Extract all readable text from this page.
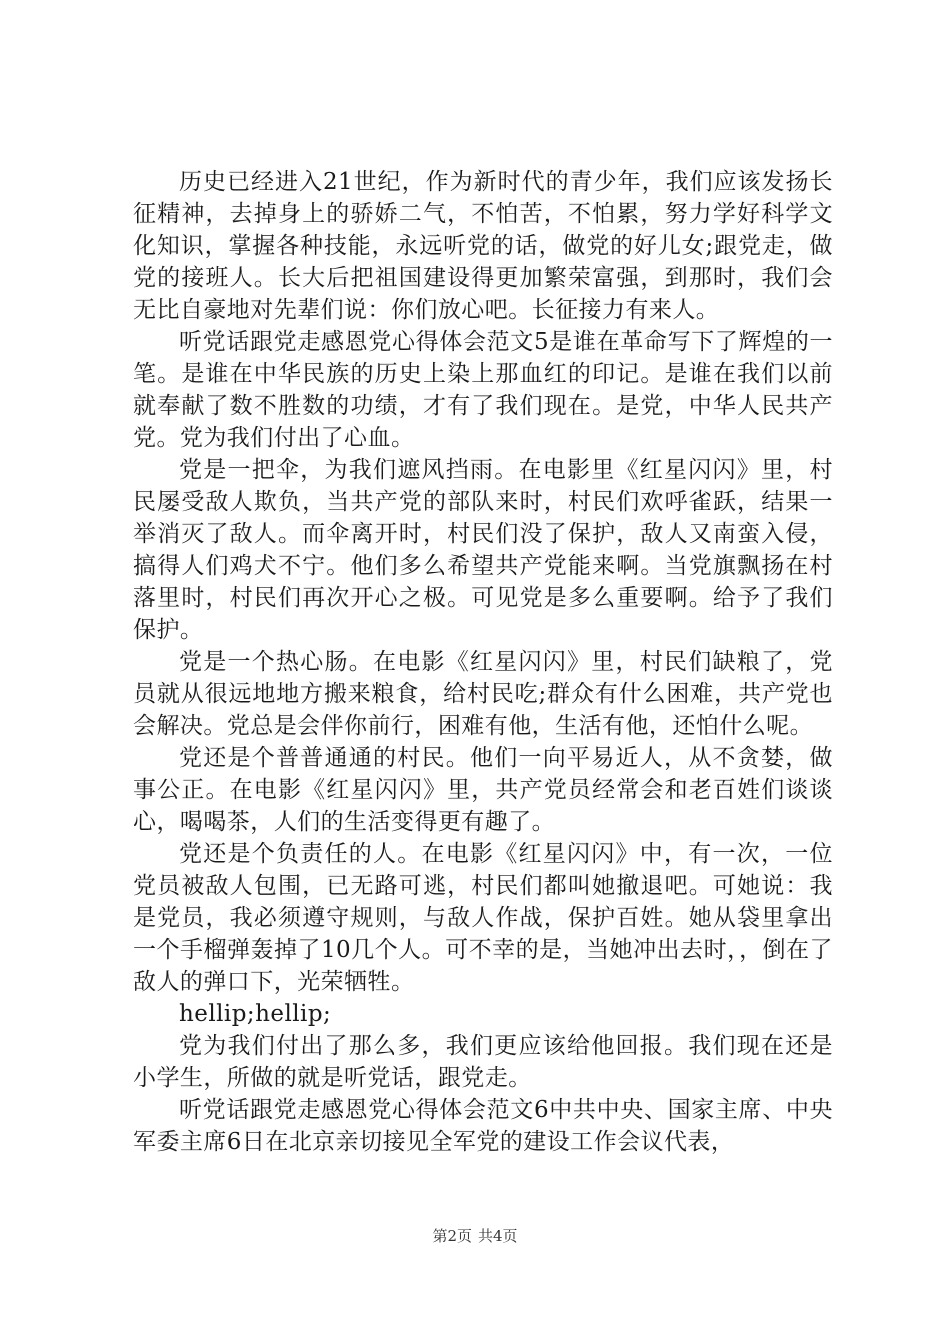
历史已经进入21世纪，作为新时代的青少年，我们应该发扬长征精神，去掉身上的骄娇二气，不怕苦，不怕累，努力学好科学文化知识，掌握各种技能，永远听党的话，做党的好儿女;跟党走，做党的接班人。长大后把祖国建设得更加繁荣富强，到那时，我们会无比自豪地对先辈们说：你们放心吧。长征接力有来人。

听党话跟党走感恩党心得体会范文5是谁在革命写下了辉煌的一笔。是谁在中华民族的历史上染上那血红的印记。是谁在我们以前就奉献了数不胜数的功绩，才有了我们现在。是党，中华人民共产党。党为我们付出了心血。

党是一把伞，为我们遮风挡雨。在电影里《红星闪闪》里，村民屡受敌人欺负，当共产党的部队来时，村民们欢呼雀跃，结果一举消灭了敌人。而伞离开时，村民们没了保护，敌人又南蛮入侵，搞得人们鸡犬不宁。他们多么希望共产党能来啊。当党旗飘扬在村落里时，村民们再次开心之极。可见党是多么重要啊。给予了我们保护。

党是一个热心肠。在电影《红星闪闪》里，村民们缺粮了，党员就从很远地地方搬来粮食，给村民吃;群众有什么困难，共产党也会解决。党总是会伴你前行，困难有他，生活有他，还怕什么呢。

党还是个普普通通的村民。他们一向平易近人，从不贪婪，做事公正。在电影《红星闪闪》里，共产党员经常会和老百姓们谈谈心，喝喝茶，人们的生活变得更有趣了。

党还是个负责任的人。在电影《红星闪闪》中，有一次，一位党员被敌人包围，已无路可逃，村民们都叫她撤退吧。可她说：我是党员，我必须遵守规则，与敌人作战，保护百姓。她从袋里拿出一个手榴弹轰掉了10几个人。可不幸的是，当她冲出去时，，倒在了敌人的弹口下，光荣牺牲。

hellip;hellip;

党为我们付出了那么多，我们更应该给他回报。我们现在还是小学生，所做的就是听党话，跟党走。

听党话跟党走感恩党心得体会范文6中共中央、国家主席、中央军委主席6日在北京亲切接见全军党的建设工作会议代表，

第2页 共4页
